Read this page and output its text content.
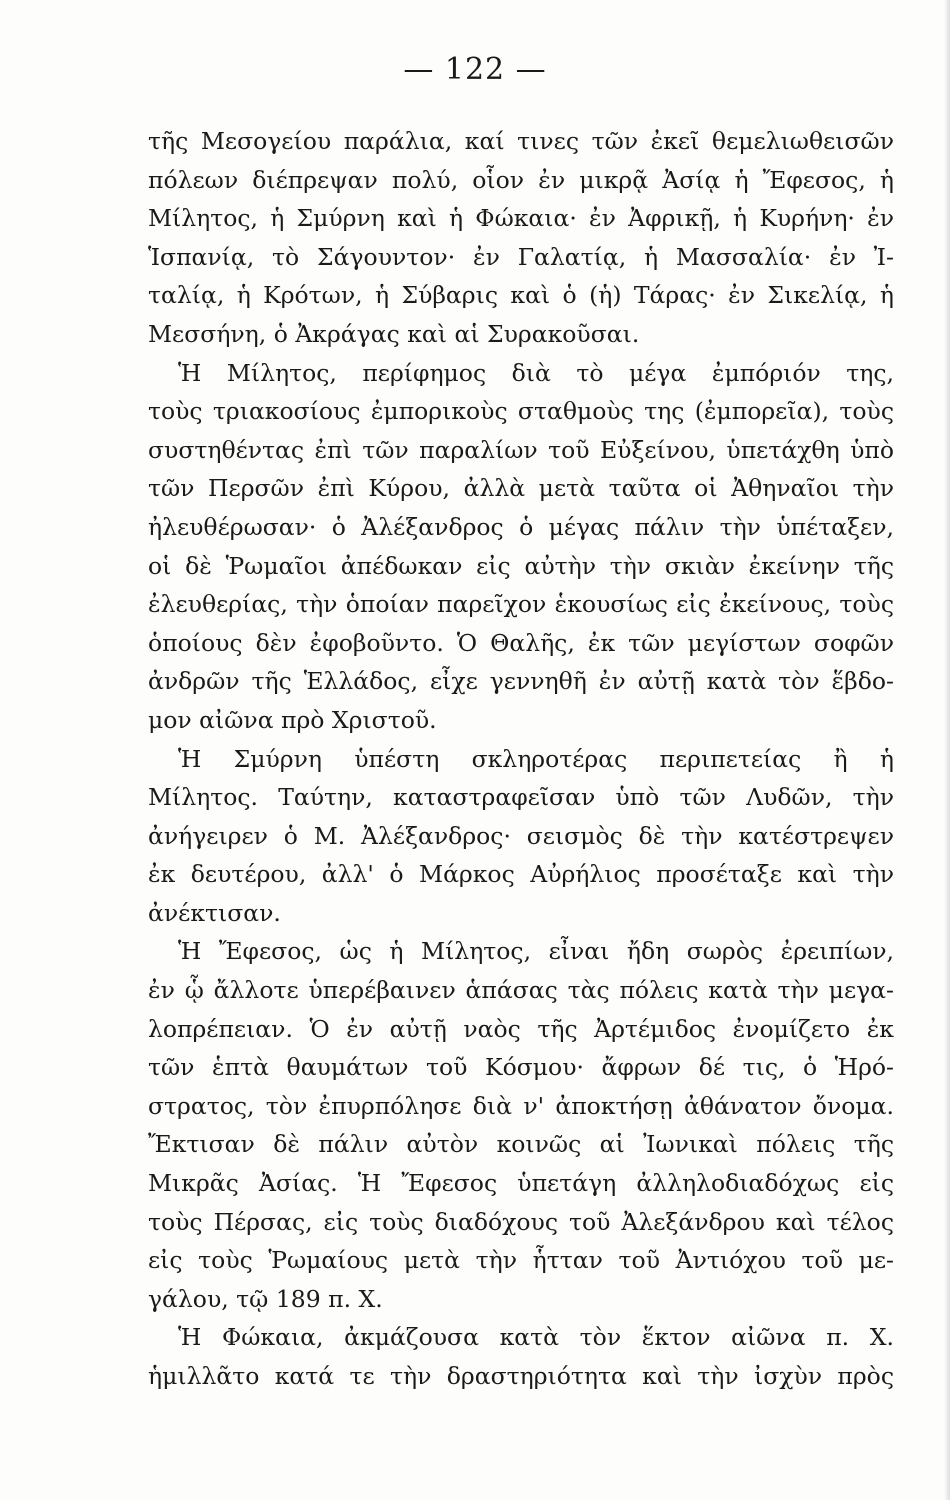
— 122 —
τῆς Μεσογείου παράλια, καί τινες τῶν ἐκεῖ θεμελιωθεισῶν
πόλεων διέπρεψαν πολύ, οἷον ἐν μικρᾷ Ἀσίᾳ ἡ Ἔφεσος, ἡ
Μίλητος, ἡ Σμύρνη καὶ ἡ Φώκαια· ἐν Ἀφρικῇ, ἡ Κυρήνη· ἐν
Ἱσπανίᾳ, τὸ Σάγουντον· ἐν Γαλατίᾳ, ἡ Μασσαλία· ἐν Ἰ-
ταλίᾳ, ἡ Κρότων, ἡ Σύβαρις καὶ ὁ (ἡ) Τάρας· ἐν Σικελίᾳ, ἡ
Μεσσήνη, ὁ Ἀκράγας καὶ αἱ Συρακοῦσαι.
Ἡ Μίλητος, περίφημος διὰ τὸ μέγα ἐμπόριόν της,
τοὺς τριακοσίους ἐμπορικοὺς σταθμοὺς της (ἐμπορεῖα), τοὺς
συστηθέντας ἐπὶ τῶν παραλίων τοῦ Εὐξείνου, ὑπετάχθη ὑπὸ
τῶν Περσῶν ἐπὶ Κύρου, ἀλλὰ μετὰ ταῦτα οἱ Ἀθηναῖοι τὴν
ἠλευθέρωσαν· ὁ Ἀλέξανδρος ὁ μέγας πάλιν τὴν ὑπέταξεν,
οἱ δὲ Ῥωμαῖοι ἀπέδωκαν εἰς αὐτὴν τὴν σκιὰν ἐκείνην τῆς
ἐλευθερίας, τὴν ὁποίαν παρεῖχον ἑκουσίως εἰς ἐκείνους, τοὺς
ὁποίους δὲν ἐφοβοῦντο. Ὁ Θαλῆς, ἐκ τῶν μεγίστων σοφῶν
ἀνδρῶν τῆς Ἑλλάδος, εἶχε γεννηθῆ ἐν αὐτῇ κατὰ τὸν ἕβδο-
μον αἰῶνα πρὸ Χριστοῦ.
Ἡ Σμύρνη ὑπέστη σκληροτέρας περιπετείας ἢ ἡ
Μίλητος. Ταύτην, καταστραφεῖσαν ὑπὸ τῶν Λυδῶν, τὴν
ἀνήγειρεν ὁ Μ. Ἀλέξανδρος· σεισμὸς δὲ τὴν κατέστρεψεν
ἐκ δευτέρου, ἀλλ' ὁ Μάρκος Αὐρήλιος προσέταξε καὶ τὴν
ἀνέκτισαν.
Ἡ Ἔφεσος, ὡς ἡ Μίλητος, εἶναι ἤδη σωρὸς ἐρειπίων,
ἐν ᾧ ἄλλοτε ὑπερέβαινεν ἁπάσας τὰς πόλεις κατὰ τὴν μεγα-
λοπρέπειαν. Ὁ ἐν αὐτῇ ναὸς τῆς Ἀρτέμιδος ἐνομίζετο ἐκ
τῶν ἑπτὰ θαυμάτων τοῦ Κόσμου· ἄφρων δέ τις, ὁ Ἡρό-
στρατος, τὸν ἐπυρπόλησε διὰ ν' ἀποκτήσῃ ἀθάνατον ὄνομα.
Ἔκτισαν δὲ πάλιν αὐτὸν κοινῶς αἱ Ἰωνικαὶ πόλεις τῆς
Μικρᾶς Ἀσίας. Ἡ Ἔφεσος ὑπετάγη ἀλληλοδιαδόχως εἰς
τοὺς Πέρσας, εἰς τοὺς διαδόχους τοῦ Ἀλεξάνδρου καὶ τέλος
εἰς τοὺς Ῥωμαίους μετὰ τὴν ἧτταν τοῦ Ἀντιόχου τοῦ με-
γάλου, τῷ 189 π. Χ.
Ἡ Φώκαια, ἀκμάζουσα κατὰ τὸν ἕκτον αἰῶνα π. Χ.
ἡμιλλᾶτο κατά τε τὴν δραστηριότητα καὶ τὴν ἰσχὺν πρὸς
